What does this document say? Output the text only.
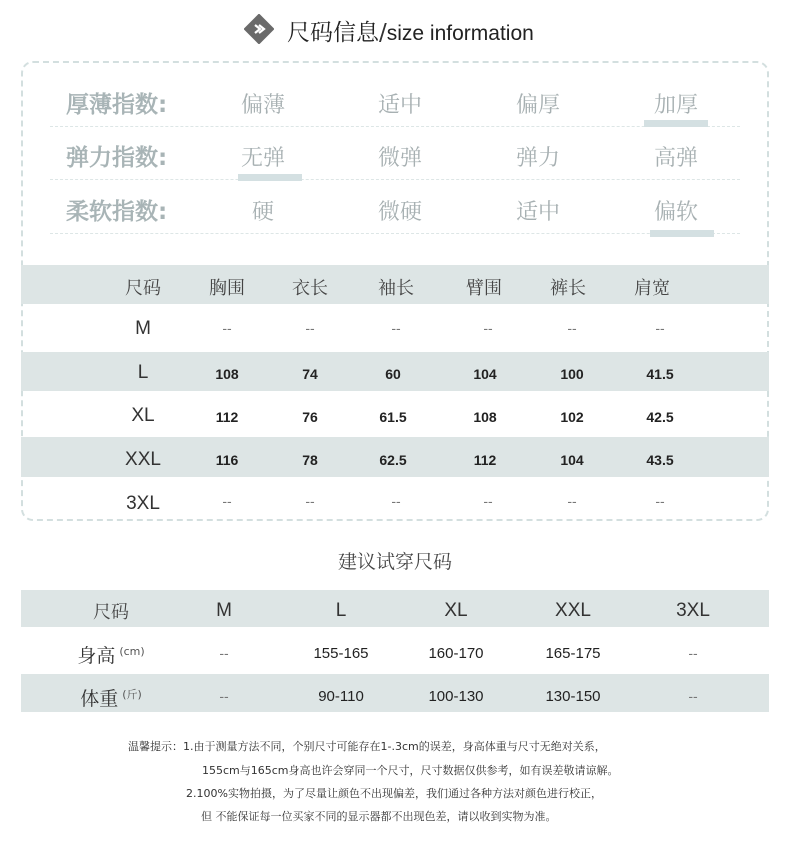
尺码信息/size information
厚薄指数:	偏薄	适中	偏厚	加厚
弹力指数:	无弹	微弹	弹力	高弹
柔软指数:	硬	微硬	适中	偏软
尺码	胸围	衣长	袖长	臂围	裤长	肩宽
M	--	--	--	--	--	--
L	108	74	60	104	100	41.5
XL	112	76	61.5	108	102	42.5
XXL	116	78	62.5	112	104	43.5
3XL	--	--	--	--	--	--
建议试穿尺码
尺码	M	L	XL	XXL	3XL
身高 $^{(cm)}$	--	155-165	160-170	165-175	--
体重 $^{(斤)}$	--	90-110	100-130	130-150	--
温馨提示：1.由于测量方法不同，个别尺寸可能存在1-.3cm的误差，身高体重与尺寸无绝对关系，
155cm与165cm身高也许会穿同一个尺寸，尺寸数据仅供参考，如有误差敬请谅解。
2.100%实物拍摄，为了尽量让颜色不出现偏差，我们通过各种方法对颜色进行校正，
但 不能保证每一位买家不同的显示器都不出现色差，请以收到实物为准。
